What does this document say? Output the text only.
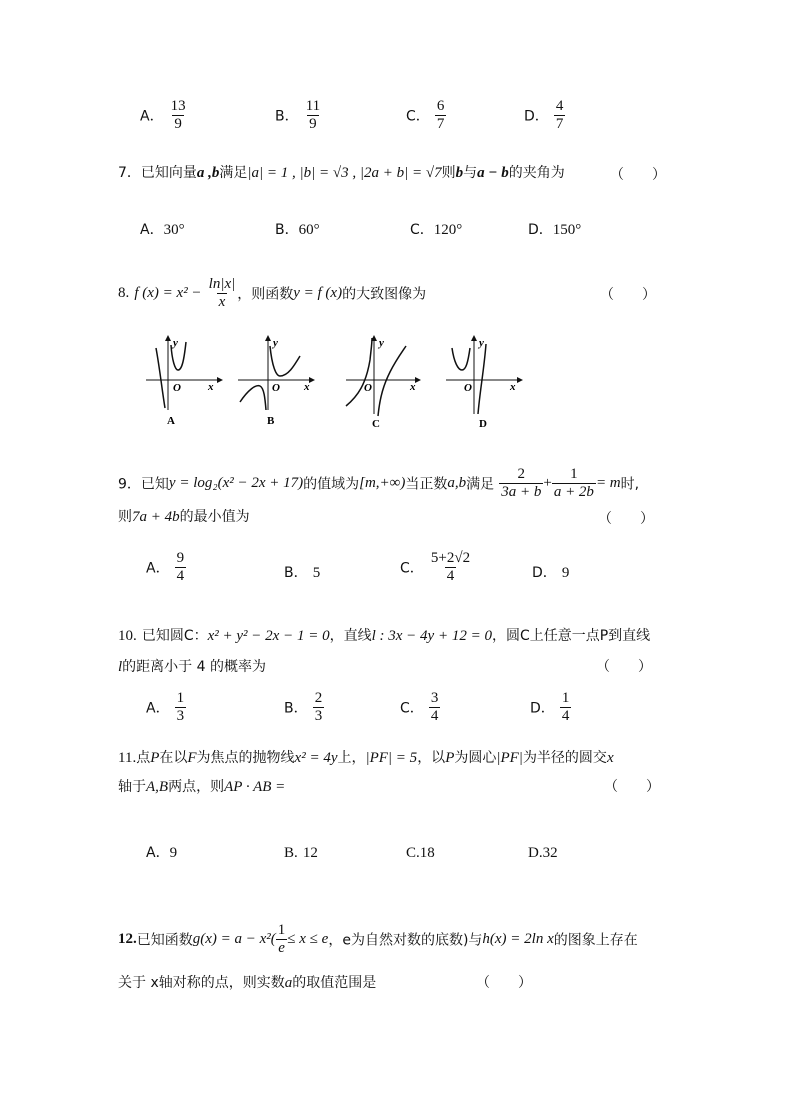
A． $\frac{13}{9}$	B． $\frac{11}{9}$	C． $\frac{6}{7}$	D． $\frac{4}{7}$
7．已知向量a ,b满足|a| = 1 , |b| = √3 , |2a + b| = √7则b与a − b的夹角为	（　　）
A．30°	B．60°	C．120°	D．150°
8. f $(x) = x^2 - \frac{\ln|x|}{x}$ ，则函数y = f (x)的大致图像为	（　　）
y
x
O
A
y
x
O
B
y
x
O
C
y
x
O
D
9．已知y = log₂(x² − 2x + 17)的值域为[m,+∞)当正数a,b满足 $\frac{2}{3a + b} + \frac{1}{a + 2b} = m$时,
则7a + 4b的最小值为	（　　）
A． $\frac{9}{4}$	B． 5	C． $\frac{5+2√2}{4}$	D． 9
10. 已知圆C：x² + y² − 2x − 1 = 0，直线l : 3x − 4y + 12 = 0，圆C上任意一点P到直线
l的距离小于 4 的概率为	（　　）
A． $\frac{1}{3}$	B． $\frac{2}{3}$	C． $\frac{3}{4}$	D． $\frac{1}{4}$
11.点P在以F为焦点的抛物线x² = 4y上，|PF| = 5，以P为圆心|PF|为半径的圆交x
轴于A,B两点，则AP · AB =	（　　）
A．9	B. 12	C.18	D.32
12.已知函数$g(x) = a - x^2( \frac{1}{e} \le x \le e$，e为自然对数的底数)与h(x) = 2ln x的图象上存在
关于 x轴对称的点，则实数a的取值范围是	（　　）
